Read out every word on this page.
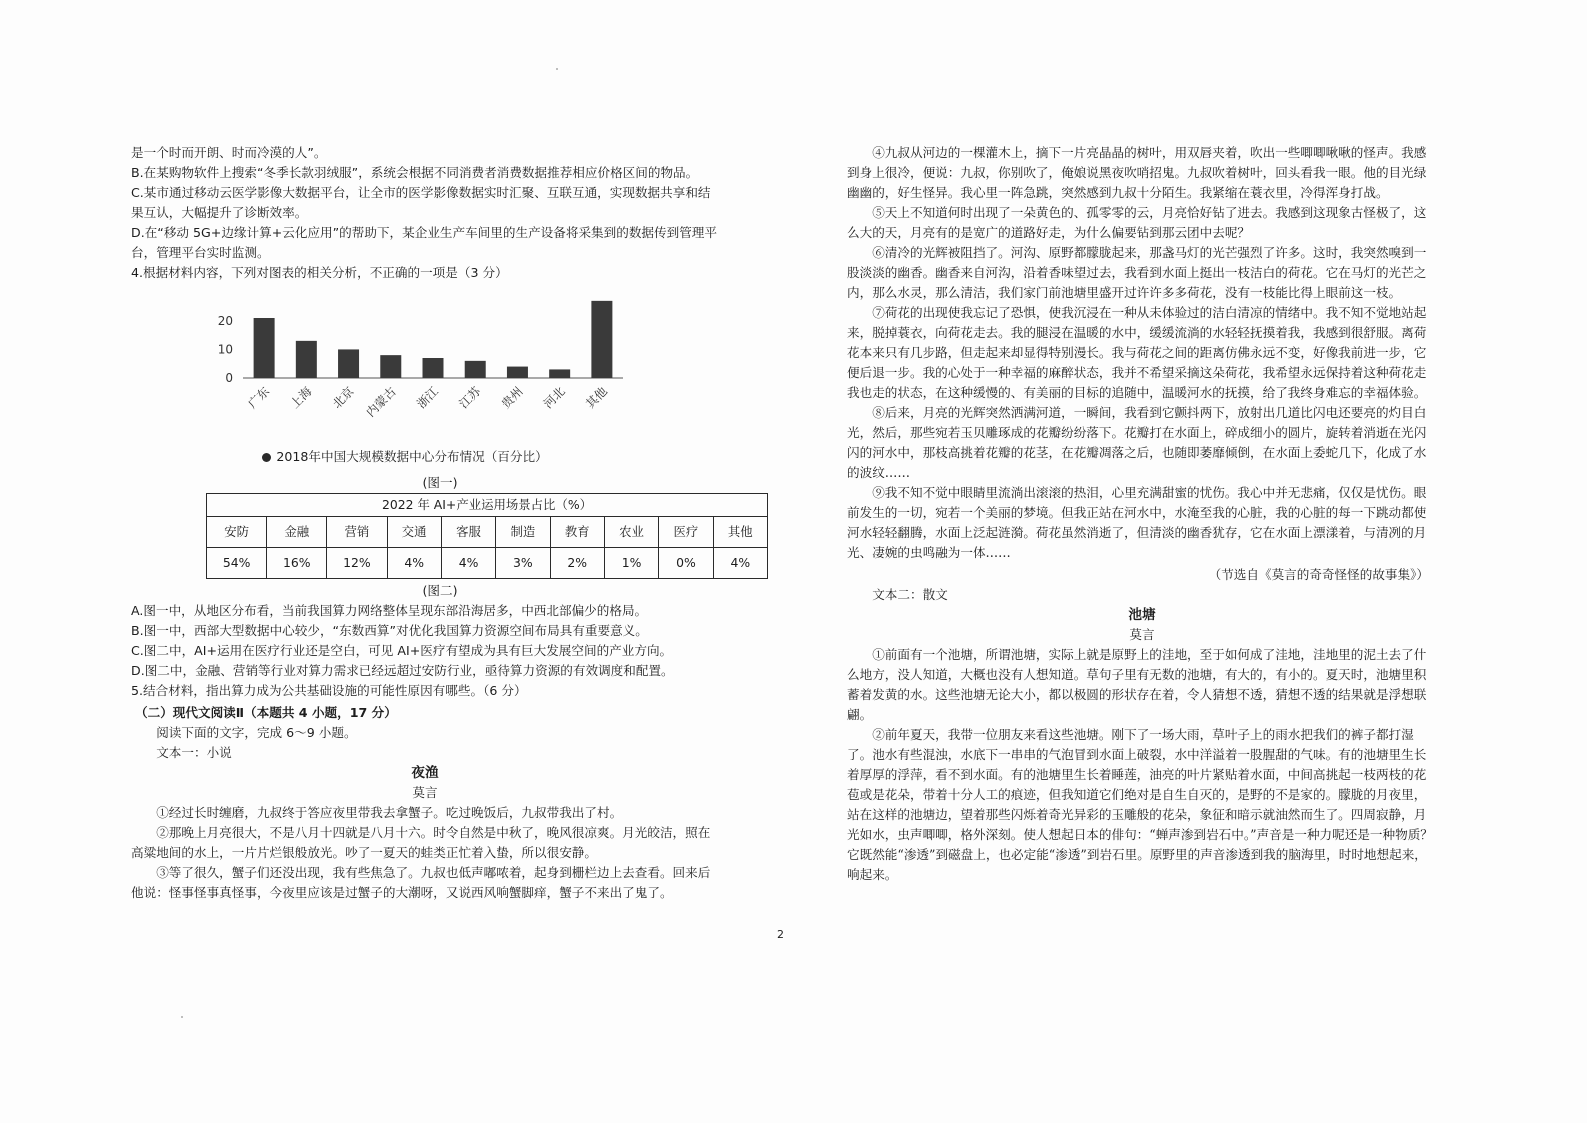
是一个时而开朗、时而冷漠的人”。

B.在某购物软件上搜索“冬季长款羽绒服”，系统会根据不同消费者消费数据推荐相应价格区间的物品。

C.某市通过移动云医学影像大数据平台，让全市的医学影像数据实时汇聚、互联互通，实现数据共享和结果互认，大幅提升了诊断效率。

D.在“移动 5G+边缘计算+云化应用”的帮助下，某企业生产车间里的生产设备将采集到的数据传到管理平台，管理平台实时监测。

4.根据材料内容，下列对图表的相关分析，不正确的一项是（3 分）

0
10
20
广东 上海 北京 内蒙古 浙江 江苏 贵州 河北 其他
2018年中国大规模数据中心分布情况（百分比）
(图一)
2022 年 AI+产业运用场景占比（%）									
安防	金融	营销	交通	客服	制造	教育	农业	医疗	其他
54%	16%	12%	4%	4%	3%	2%	1%	0%	4%
(图二)

A.图一中，从地区分布看，当前我国算力网络整体呈现东部沿海居多，中西北部偏少的格局。

B.图一中，西部大型数据中心较少，“东数西算”对优化我国算力资源空间布局具有重要意义。

C.图二中，AI+运用在医疗行业还是空白，可见 AI+医疗有望成为具有巨大发展空间的产业方向。

D.图二中，金融、营销等行业对算力需求已经远超过安防行业，亟待算力资源的有效调度和配置。

5.结合材料，指出算力成为公共基础设施的可能性原因有哪些。（6 分）

（二）现代文阅读Ⅱ（本题共 4 小题，17 分）

阅读下面的文字，完成 6～9 小题。

文本一：小说

夜渔

莫言

①经过长时缠磨，九叔终于答应夜里带我去拿蟹子。吃过晚饭后，九叔带我出了村。

②那晚上月亮很大，不是八月十四就是八月十六。时令自然是中秋了，晚风很凉爽。月光皎洁，照在高粱地间的水上，一片片烂银般放光。吵了一夏天的蛙类正忙着入蛰，所以很安静。

③等了很久，蟹子们还没出现，我有些焦急了。九叔也低声嘟哝着，起身到栅栏边上去查看。回来后他说：怪事怪事真怪事，今夜里应该是过蟹子的大潮呀，又说西风响蟹脚痒，蟹子不来出了鬼了。

④九叔从河边的一棵灌木上，摘下一片亮晶晶的树叶，用双唇夹着，吹出一些唧唧啾啾的怪声。我感到身上很冷，便说：九叔，你别吹了，俺娘说黑夜吹哨招鬼。九叔吹着树叶，回头看我一眼。他的目光绿幽幽的，好生怪异。我心里一阵急跳，突然感到九叔十分陌生。我紧缩在蓑衣里，冷得浑身打战。

⑤天上不知道何时出现了一朵黄色的、孤零零的云，月亮恰好钻了进去。我感到这现象古怪极了，这么大的天，月亮有的是宽广的道路好走，为什么偏要钻到那云团中去呢？

⑥清冷的光辉被阻挡了。河沟、原野都朦胧起来，那盏马灯的光芒强烈了许多。这时，我突然嗅到一股淡淡的幽香。幽香来自河沟，沿着香味望过去，我看到水面上挺出一枝洁白的荷花。它在马灯的光芒之内，那么水灵，那么清洁，我们家门前池塘里盛开过许许多多荷花，没有一枝能比得上眼前这一枝。

⑦荷花的出现使我忘记了恐惧，使我沉浸在一种从未体验过的洁白清凉的情绪中。我不知不觉地站起来，脱掉蓑衣，向荷花走去。我的腿浸在温暖的水中，缓缓流淌的水轻轻抚摸着我，我感到很舒服。离荷花本来只有几步路，但走起来却显得特别漫长。我与荷花之间的距离仿佛永远不变，好像我前进一步，它便后退一步。我的心处于一种幸福的麻醉状态，我并不希望采摘这朵荷花，我希望永远保持着这种荷花走我也走的状态，在这种缓慢的、有美丽的目标的追随中，温暖河水的抚摸，给了我终身难忘的幸福体验。

⑧后来，月亮的光辉突然洒满河道，一瞬间，我看到它颤抖两下，放射出几道比闪电还要亮的灼目白光，然后，那些宛若玉贝雕琢成的花瓣纷纷落下。花瓣打在水面上，碎成细小的圆片，旋转着消逝在光闪闪的河水中，那枝高挑着花瓣的花茎，在花瓣凋落之后，也随即萎靡倾倒，在水面上委蛇几下，化成了水的波纹……

⑨我不知不觉中眼睛里流淌出滚滚的热泪，心里充满甜蜜的忧伤。我心中并无悲痛，仅仅是忧伤。眼前发生的一切，宛若一个美丽的梦境。但我正站在河水中，水淹至我的心脏，我的心脏的每一下跳动都使河水轻轻翻腾，水面上泛起涟漪。荷花虽然消逝了，但清淡的幽香犹存，它在水面上漂漾着，与清冽的月光、凄婉的虫鸣融为一体……

（节选自《莫言的奇奇怪怪的故事集》）

文本二：散文

池塘

莫言

①前面有一个池塘，所谓池塘，实际上就是原野上的洼地，至于如何成了洼地，洼地里的泥土去了什么地方，没人知道，大概也没有人想知道。草句子里有无数的池塘，有大的，有小的。夏天时，池塘里积蓄着发黄的水。这些池塘无论大小，都以极圆的形状存在着，令人猜想不透，猜想不透的结果就是浮想联翩。

②前年夏天，我带一位朋友来看这些池塘。刚下了一场大雨，草叶子上的雨水把我们的裤子都打湿了。池水有些混浊，水底下一串串的气泡冒到水面上破裂，水中洋溢着一股腥甜的气味。有的池塘里生长着厚厚的浮萍，看不到水面。有的池塘里生长着睡莲，油亮的叶片紧贴着水面，中间高挑起一枝两枝的花苞或是花朵，带着十分人工的痕迹，但我知道它们绝对是自生自灭的，是野的不是家的。朦胧的月夜里，站在这样的池塘边，望着那些闪烁着奇光异彩的玉雕般的花朵，象征和暗示就油然而生了。四周寂静，月光如水，虫声唧唧，格外深刻。使人想起日本的俳句：“蝉声渗到岩石中。”声音是一种力呢还是一种物质？它既然能“渗透”到磁盘上，也必定能“渗透”到岩石里。原野里的声音渗透到我的脑海里，时时地想起来，响起来。

2
